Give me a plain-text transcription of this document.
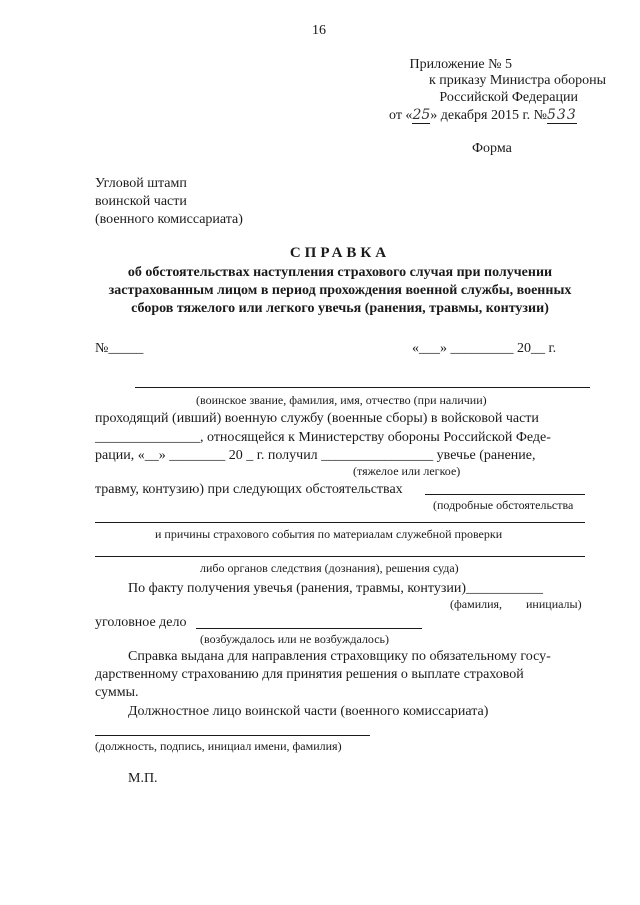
16
Приложение № 5
к приказу Министра обороны
Российской Федерации
от «25» декабря 2015 г. №533
Форма
Угловой штамп
воинской части
(военного комиссариата)
СПРАВКА
об обстоятельствах наступления страхового случая при получении
застрахованным лицом в период прохождения военной службы, военных
сборов тяжелого или легкого увечья (ранения, травмы, контузии)
№_____	«___» _________ 20__ г.
(воинское звание, фамилия, имя, отчество (при наличии)
проходящий (ивший) военную службу (военные сборы) в войсковой части
_______________, относящейся к Министерству обороны Российской Феде-
рации, «__» ________ 20 _ г. получил ________________ увечье (ранение,
(тяжелое или легкое)
травму, контузию) при следующих обстоятельствах
(подробные обстоятельства
и причины страхового события по материалам служебной проверки
либо органов следствия (дознания), решения суда)
По факту получения увечья (ранения, травмы, контузии)___________
(фамилия, инициалы)
уголовное дело
(возбуждалось или не возбуждалось)
Справка выдана для направления страховщику по обязательному госу-
дарственному страхованию для принятия решения о выплате страховой
суммы.
Должностное лицо воинской части (военного комиссариата)
(должность, подпись, инициал имени, фамилия)
М.П.
